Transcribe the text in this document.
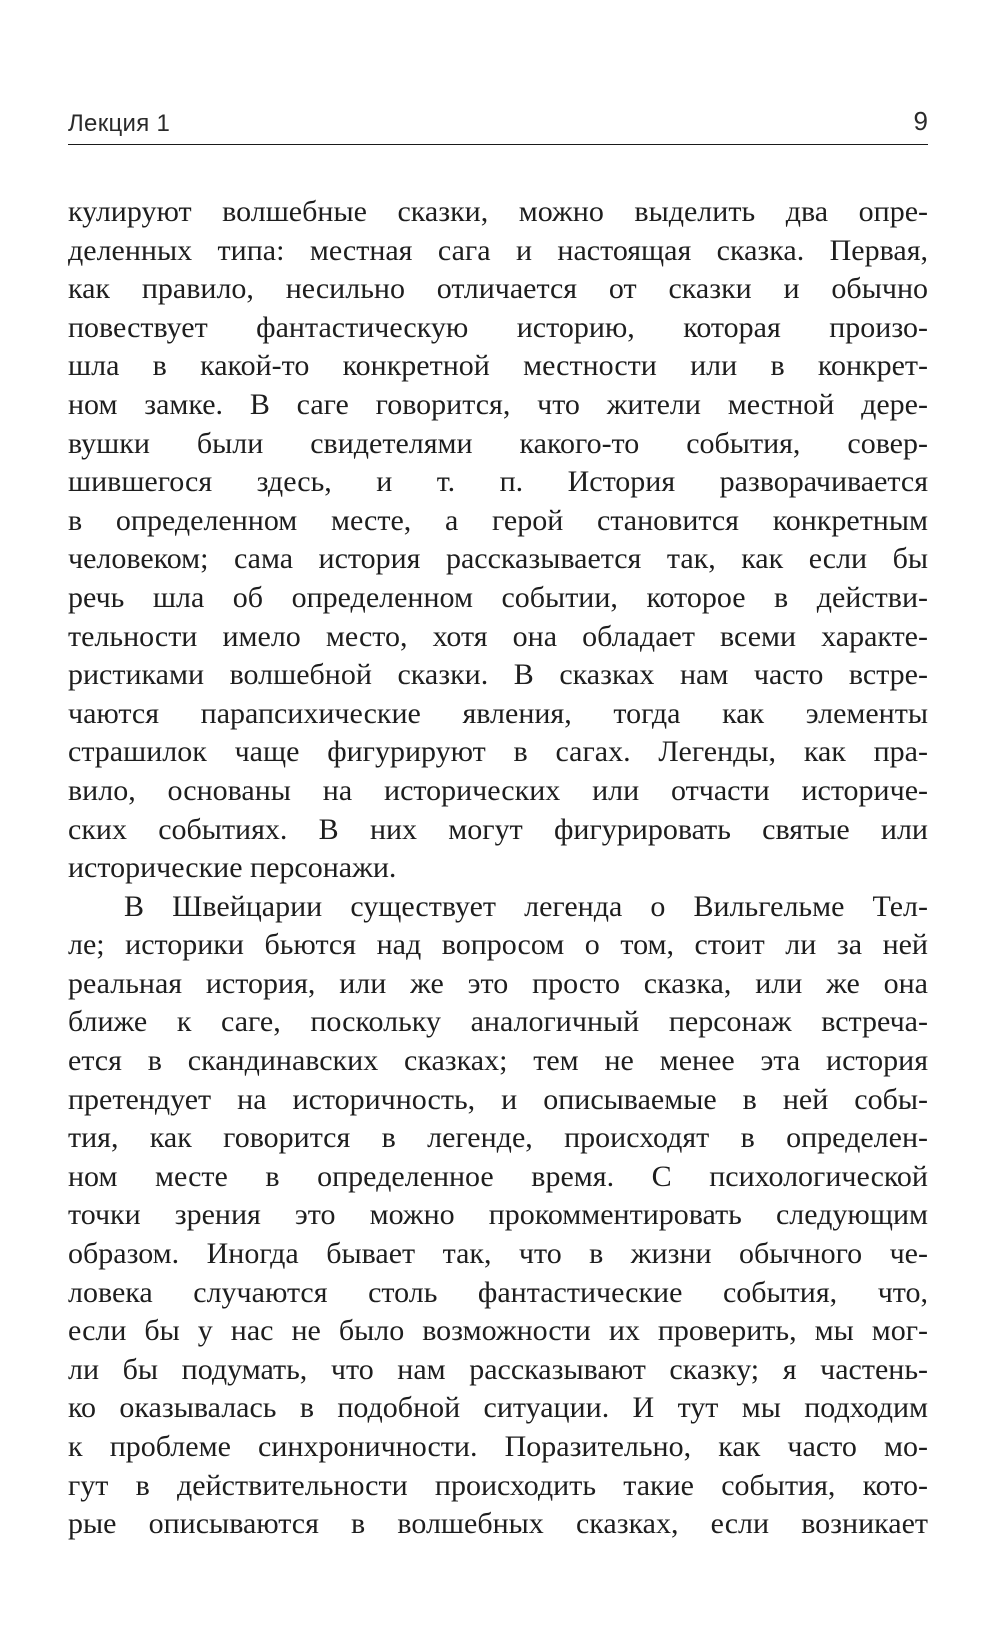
Лекция 1	9
кулируют волшебные сказки, можно выделить два опре-
деленных типа: местная сага и настоящая сказка. Первая,
как правило, несильно отличается от сказки и обычно
повествует фантастическую историю, которая произо-
шла в какой-то конкретной местности или в конкрет-
ном замке. В саге говорится, что жители местной дере-
вушки были свидетелями какого-то события, совер-
шившегося здесь, и т. п. История разворачивается
в определенном месте, а герой становится конкретным
человеком; сама история рассказывается так, как если бы
речь шла об определенном событии, которое в действи-
тельности имело место, хотя она обладает всеми характе-
ристиками волшебной сказки. В сказках нам часто встре-
чаются парапсихические явления, тогда как элементы
страшилок чаще фигурируют в сагах. Легенды, как пра-
вило, основаны на исторических или отчасти историче-
ских событиях. В них могут фигурировать святые или
исторические персонажи.
В Швейцарии существует легенда о Вильгельме Тел-
ле; историки бьются над вопросом о том, стоит ли за ней
реальная история, или же это просто сказка, или же она
ближе к саге, поскольку аналогичный персонаж встреча-
ется в скандинавских сказках; тем не менее эта история
претендует на историчность, и описываемые в ней собы-
тия, как говорится в легенде, происходят в определен-
ном месте в определенное время. С психологической
точки зрения это можно прокомментировать следующим
образом. Иногда бывает так, что в жизни обычного че-
ловека случаются столь фантастические события, что,
если бы у нас не было возможности их проверить, мы мог-
ли бы подумать, что нам рассказывают сказку; я частень-
ко оказывалась в подобной ситуации. И тут мы подходим
к проблеме синхроничности. Поразительно, как часто мо-
гут в действительности происходить такие события, кото-
рые описываются в волшебных сказках, если возникает
